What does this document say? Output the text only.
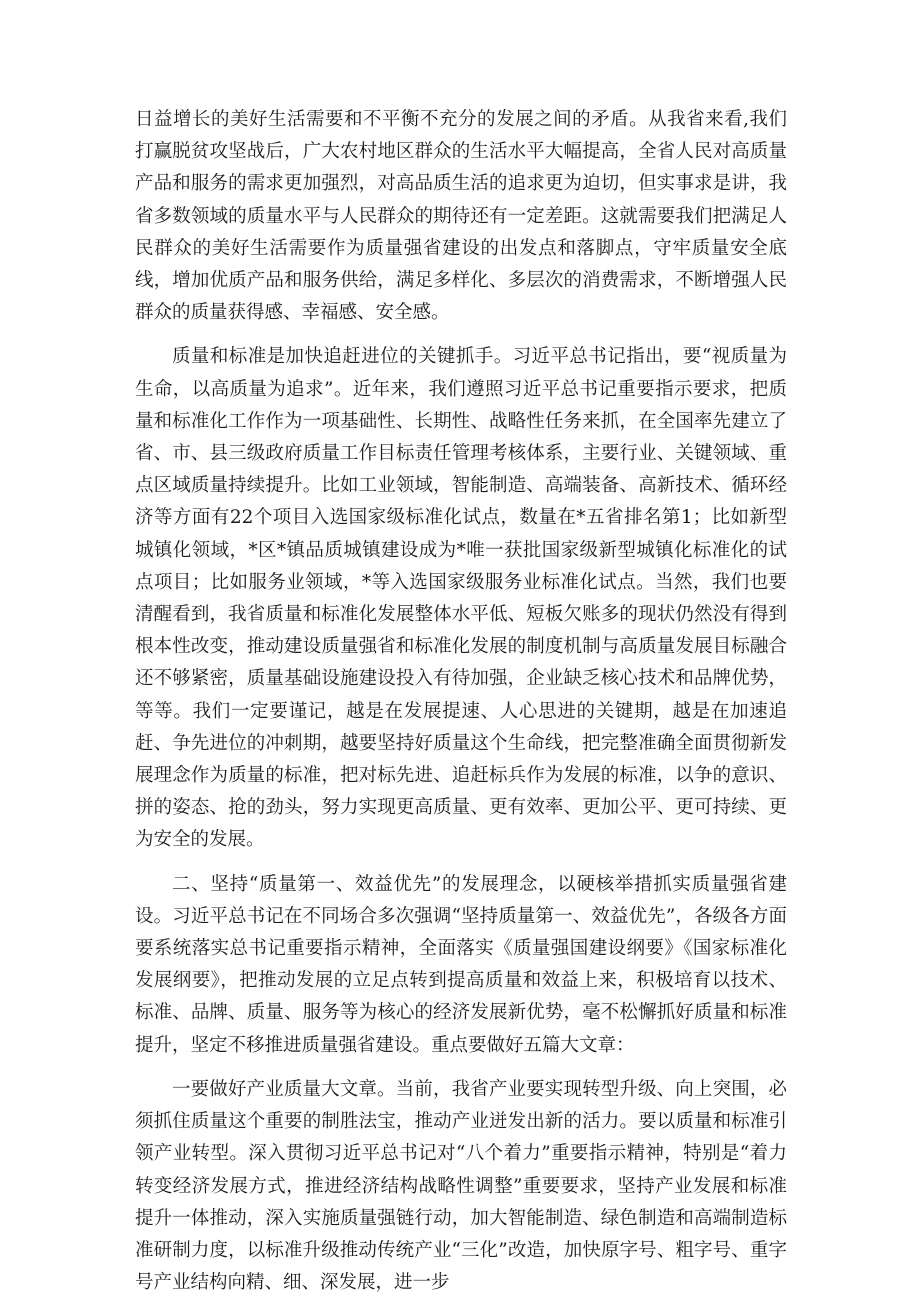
日益增长的美好生活需要和不平衡不充分的发展之间的矛盾。从我省来看,我们打赢脱贫攻坚战后，广大农村地区群众的生活水平大幅提高，全省人民对高质量产品和服务的需求更加强烈，对高品质生活的追求更为迫切，但实事求是讲，我省多数领域的质量水平与人民群众的期待还有一定差距。这就需要我们把满足人民群众的美好生活需要作为质量强省建设的出发点和落脚点，守牢质量安全底线，增加优质产品和服务供给，满足多样化、多层次的消费需求，不断增强人民群众的质量获得感、幸福感、安全感。

质量和标准是加快追赶进位的关键抓手。习近平总书记指出，要“视质量为生命，以高质量为追求”。近年来，我们遵照习近平总书记重要指示要求，把质量和标准化工作作为一项基础性、长期性、战略性任务来抓，在全国率先建立了省、市、县三级政府质量工作目标责任管理考核体系，主要行业、关键领域、重点区域质量持续提升。比如工业领域，智能制造、高端装备、高新技术、循环经济等方面有22个项目入选国家级标准化试点，数量在*五省排名第1；比如新型城镇化领域，*区*镇品质城镇建设成为*唯一获批国家级新型城镇化标准化的试点项目；比如服务业领域，*等入选国家级服务业标准化试点。当然，我们也要清醒看到，我省质量和标准化发展整体水平低、短板欠账多的现状仍然没有得到根本性改变，推动建设质量强省和标准化发展的制度机制与高质量发展目标融合还不够紧密，质量基础设施建设投入有待加强，企业缺乏核心技术和品牌优势，等等。我们一定要谨记，越是在发展提速、人心思进的关键期，越是在加速追赶、争先进位的冲刺期，越要坚持好质量这个生命线，把完整准确全面贯彻新发展理念作为质量的标准，把对标先进、追赶标兵作为发展的标准，以争的意识、拼的姿态、抢的劲头，努力实现更高质量、更有效率、更加公平、更可持续、更为安全的发展。

二、坚持“质量第一、效益优先”的发展理念，以硬核举措抓实质量强省建设。习近平总书记在不同场合多次强调“坚持质量第一、效益优先”，各级各方面要系统落实总书记重要指示精神，全面落实《质量强国建设纲要》《国家标准化发展纲要》，把推动发展的立足点转到提高质量和效益上来，积极培育以技术、标准、品牌、质量、服务等为核心的经济发展新优势，毫不松懈抓好质量和标准提升，坚定不移推进质量强省建设。重点要做好五篇大文章：

一要做好产业质量大文章。当前，我省产业要实现转型升级、向上突围，必须抓住质量这个重要的制胜法宝，推动产业迸发出新的活力。要以质量和标准引领产业转型。深入贯彻习近平总书记对“八个着力”重要指示精神，特别是“着力转变经济发展方式，推进经济结构战略性调整”重要要求，坚持产业发展和标准提升一体推动，深入实施质量强链行动，加大智能制造、绿色制造和高端制造标准研制力度，以标准升级推动传统产业“三化”改造，加快原字号、粗字号、重字号产业结构向精、细、深发展，进一步
